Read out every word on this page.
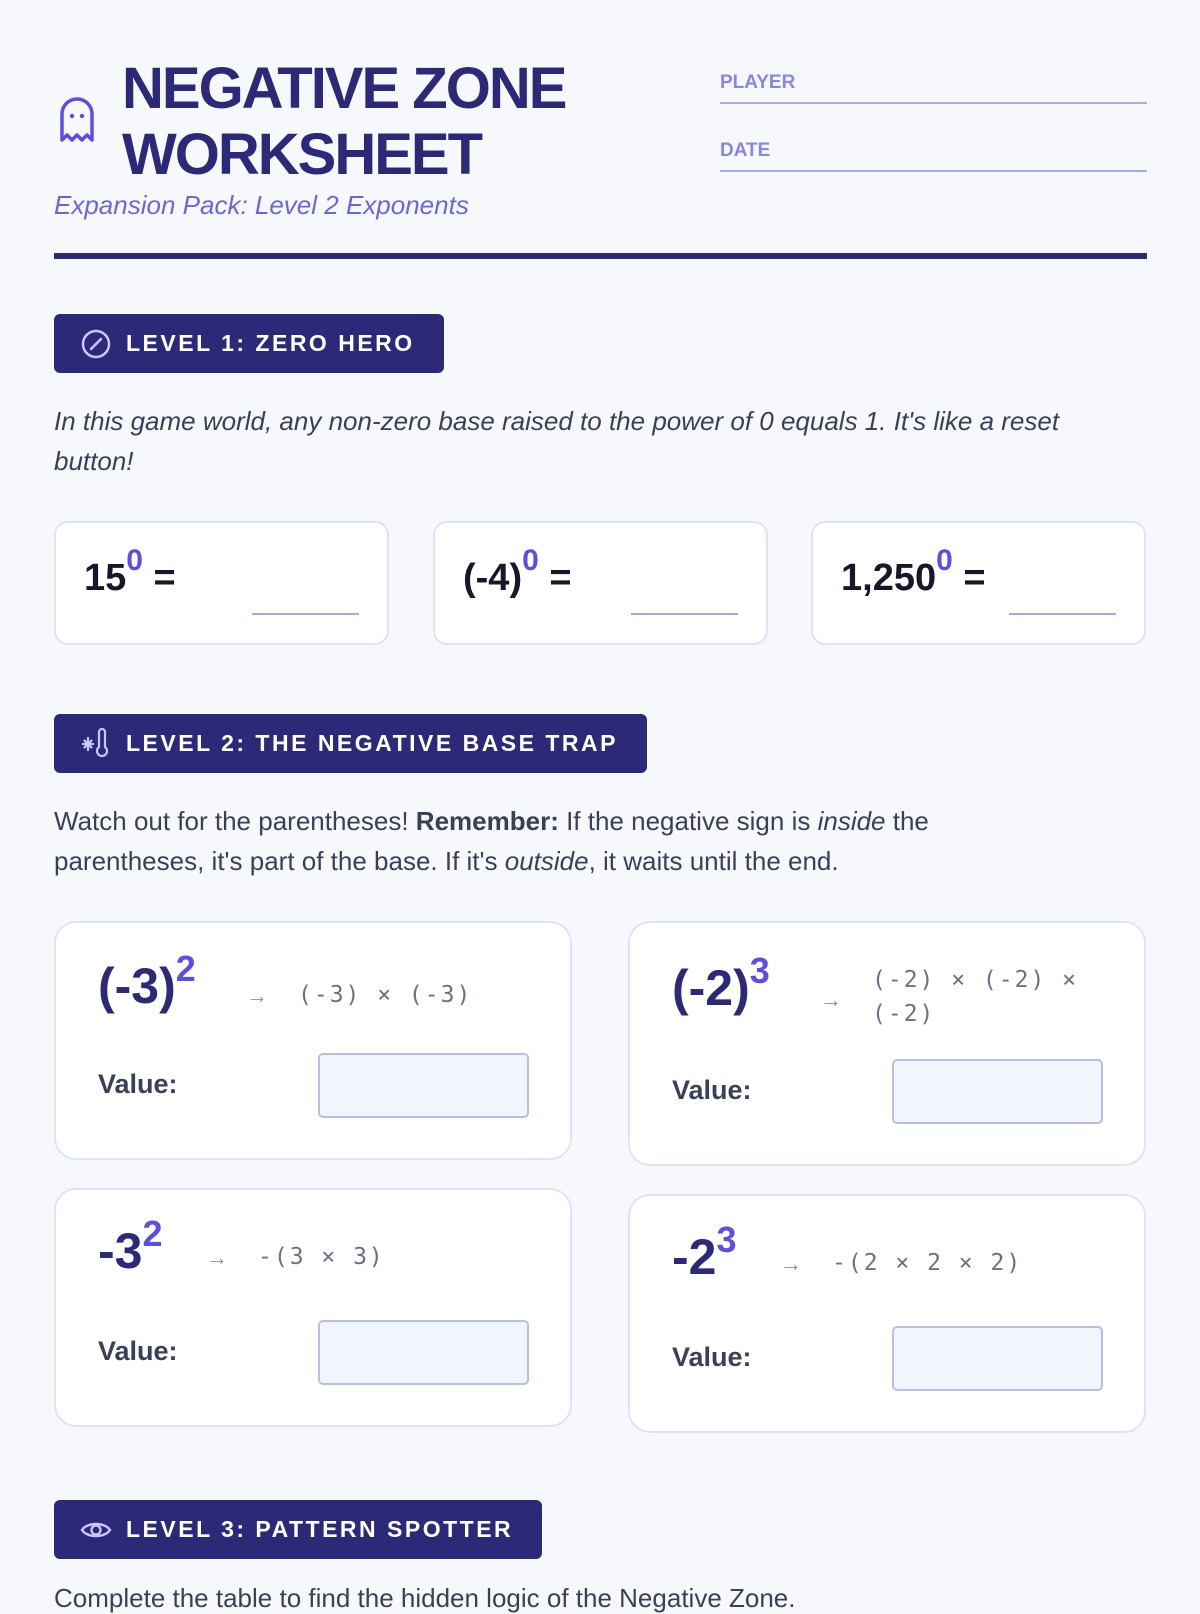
NEGATIVE ZONE
WORKSHEET
Expansion Pack: Level 2 Exponents
PLAYER
DATE
LEVEL 1: ZERO HERO
In this game world, any non-zero base raised to the power of 0 equals 1. It's like a reset button!
$15^0$ =	$(-4)^0$ =	$1,250^0$ =
LEVEL 2: THE NEGATIVE BASE TRAP
Watch out for the parentheses! Remember: If the negative sign is inside the parentheses, it's part of the base. If it's outside, it waits until the end.
$(-3)^2$
→ (-3) × (-3)
Value:
$(-2)^3$
→
(-2) × (-2) × (-2)
Value:
$-3^2$
→ -(3 × 3)
Value:
$-2^3$
→ -(2 × 2 × 2)
Value:
LEVEL 3: PATTERN SPOTTER
Complete the table to find the hidden logic of the Negative Zone.
